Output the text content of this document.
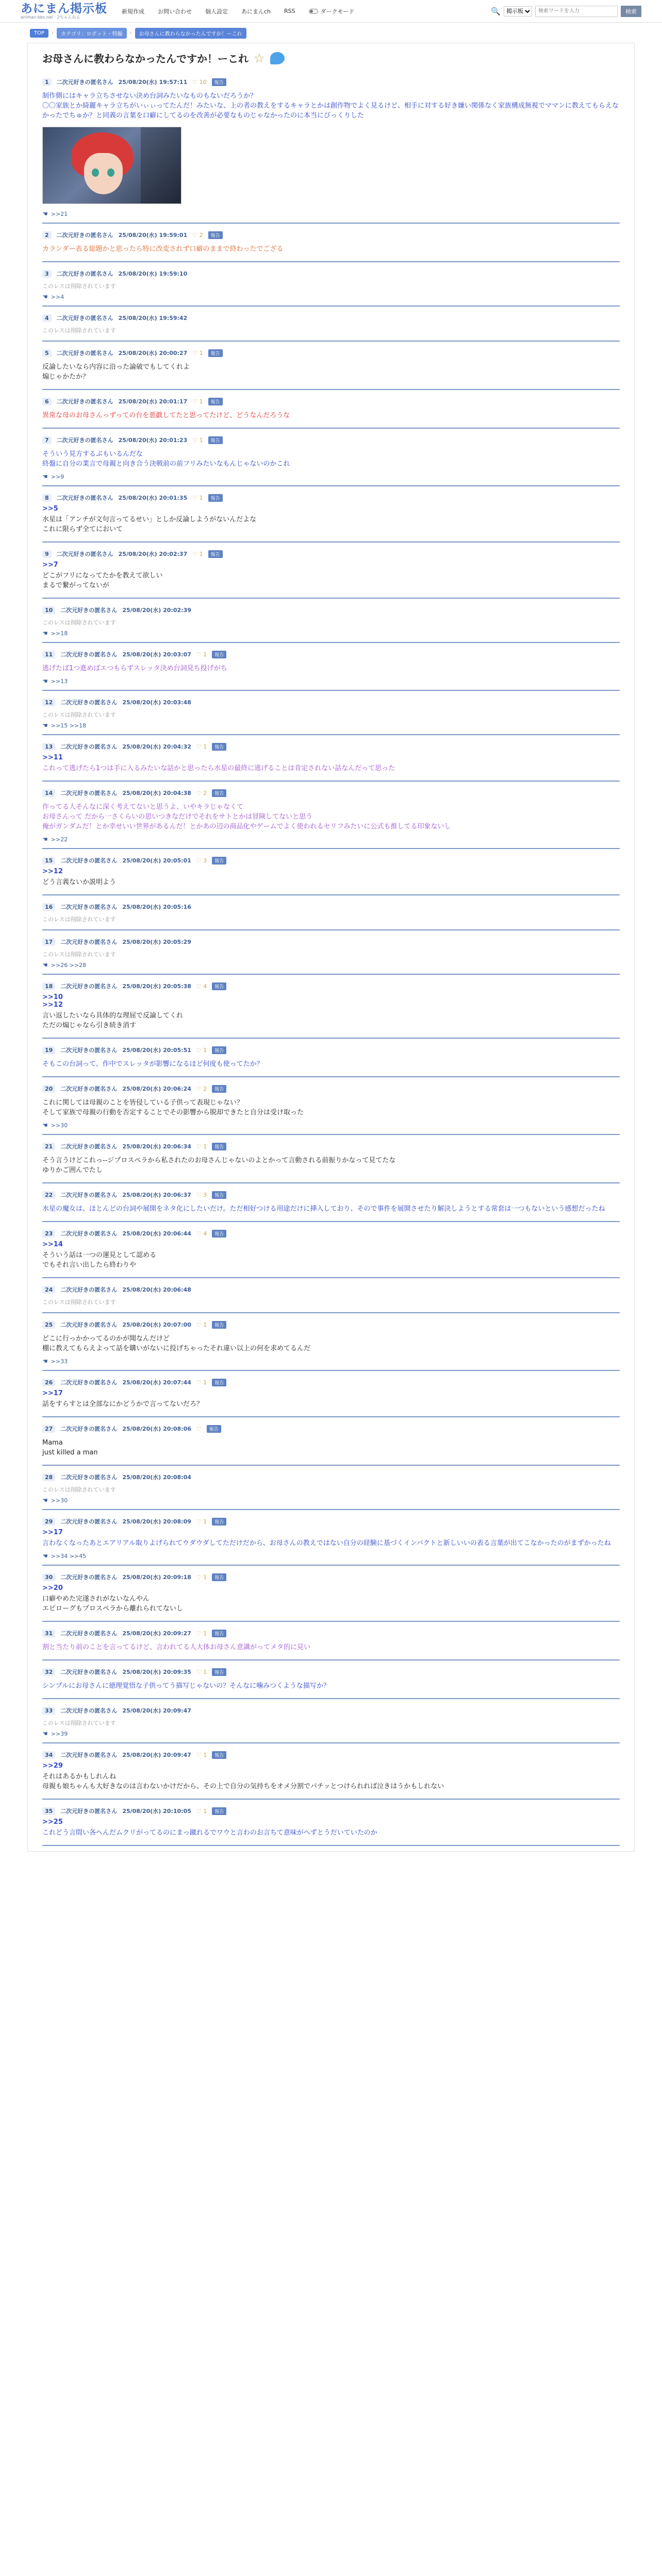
あにまん掲示板
animan-bbs.net · 2ちゃんねる
新規作成 お問い合わせ 個人設定 あにまんch RSS	ダークモード	🔍
掲示板
検索ワードを入力	検索
TOP	›	カテゴリ：ロボット・特撮	›	お母さんに教わらなかったんですか！ーこれ
お母さんに教わらなかったんですか！ーこれ ☆
1	二次元好きの匿名さん 25/08/20(水) 19:57:11 ♡ 10	報告
制作側にはキャラ立ちさせない決め台詞みたいなものもないだろうか？
〇〇家族とか綺麗キャラ立ちがいぃぃってたんだ！みたいな、上の者の教えをするキャラとかは創作物でよく見るけど、相手に対する好き嫌い関係なく家族構成無視でママンに教えてもらえなかったでちゅか？と同義の言葉を口癖にしてるのを改善が必要なものじゃなかったのに本当にびっくりした
☚ >>21
2	二次元好きの匿名さん 25/08/20(水) 19:59:01 ♡ 2	報告
カランダー表る総題かと思ったら特に改変されず口癖のままで終わったでござる
3	二次元好きの匿名さん 25/08/20(水) 19:59:10
このレスは削除されています
☚ >>4
4	二次元好きの匿名さん 25/08/20(水) 19:59:42
このレスは削除されています
5	二次元好きの匿名さん 25/08/20(水) 20:00:27 ♡ 1	報告
反論したいなら内容に沿った論破でもしてくれよ
煽じゃかたか？
6	二次元好きの匿名さん 25/08/20(水) 20:01:17 ♡ 1	報告
異常な母のお母さんっずっての台を悪戯してたと思ってたけど、どうなんだろうな
7	二次元好きの匿名さん 25/08/20(水) 20:01:23 ♡ 1	報告
そういう見方するぶもいるんだな
終盤に自分の業言で母親と向き合う決戦前の前フリみたいなもんじゃないのかこれ
☚ >>9
8	二次元好きの匿名さん 25/08/20(水) 20:01:35 ♡ 1	報告
>>5
水星は「アンチが文句言ってるせい」としか反論しようがないんだよな
これに限らず全てにおいて
9	二次元好きの匿名さん 25/08/20(水) 20:02:37 ♡ 1	報告
>>7
どこがフリになってたかを教えて欲しい
まるで繋がってないが
10	二次元好きの匿名さん 25/08/20(水) 20:02:39
このレスは削除されています
☚ >>18
11	二次元好きの匿名さん 25/08/20(水) 20:03:07 ♡ 1	報告
逃げたば1つ進めばエつもらずスレッタ決め台詞見ち投げがち
☚ >>13
12	二次元好きの匿名さん 25/08/20(水) 20:03:48
このレスは削除されています
☚ >>15 >>18
13	二次元好きの匿名さん 25/08/20(水) 20:04:32 ♡ 1	報告
>>11
これって逃げたら1つは手に入るみたいな話かと思ったら水星の最終に逃げることは肯定されない話なんだって思った
14	二次元好きの匿名さん 25/08/20(水) 20:04:38 ♡ 2	報告
作ってる人そんなに深く考えてないと思うよ、いやキラじゃなくて
お母さんって だから一さくらいの思いつきなだけでそれをサトとかは冒険してないと思う
俺がガンダムだ！とか幸せいい世界があるんだ！とかあの辺の商品化やゲームでよく使われるセリフみたいに公式も推してる印象ないし
☚ >>22
15	二次元好きの匿名さん 25/08/20(水) 20:05:01 ♡ 3	報告
>>12
どう言義ないか説明よう
16	二次元好きの匿名さん 25/08/20(水) 20:05:16
このレスは削除されています
17	二次元好きの匿名さん 25/08/20(水) 20:05:29
このレスは削除されています
☚ >>26 >>28
18	二次元好きの匿名さん 25/08/20(水) 20:05:38 ♡ 4	報告
>>10
>>12
言い返したいなら具体的な理屈で反論してくれ
ただの煽じゃなら引き続き消す
19	二次元好きの匿名さん 25/08/20(水) 20:05:51 ♡ 1	報告
そもこの台詞って、作中でスレッタが影響になるほど何度も使ってたか？
20	二次元好きの匿名さん 25/08/20(水) 20:06:24 ♡ 2	報告
これに関しては母親のことを皆侵している子供って表現じゃない？
そして家族で母親の行動を否定することでその影響から脱却できたと自分は受け取った
☚ >>30
21	二次元好きの匿名さん 25/08/20(水) 20:06:34 ♡ 1	報告
そう言うけどこれっ--ジプロスペラから私されたのお母さんじゃないのよとかって言動される前振りかなって見てたな
ゆりかご囲んでたし
22	二次元好きの匿名さん 25/08/20(水) 20:06:37 ♡ 3	報告
水星の魔女は、ほとんどの台詞や展開をネタ化にしたいだけ。ただ相好つける用途だけに挿入しており、そので事件を展開させたり解決しようとする常套は一つもないという感想だったね
23	二次元好きの匿名さん 25/08/20(水) 20:06:44 ♡ 4	報告
>>14
そういう話は一つの運見として認める
でもそれ言い出したら終わりや
24	二次元好きの匿名さん 25/08/20(水) 20:06:48
このレスは削除されています
25	二次元好きの匿名さん 25/08/20(水) 20:07:00 ♡ 1	報告
どこに行っかかってるのかが聞なんだけど
棚に教えてもらえよって話を購いがないに投げちゃったそれ違い以上の何を求めてるんだ
☚ >>33
26	二次元好きの匿名さん 25/08/20(水) 20:07:44 ♡ 1	報告
>>17
話をすらすとは全部なにかどうかで言ってないだろ？
27	二次元好きの匿名さん 25/08/20(水) 20:08:06 ♡	報告
Mama
just killed a man
28	二次元好きの匿名さん 25/08/20(水) 20:08:04
このレスは削除されています
☚ >>30
29	二次元好きの匿名さん 25/08/20(水) 20:08:09 ♡ 1	報告
>>17
言わなくなったあとエアリアル取りよげられてウダウダしてただけだから、お母さんの教えではない自分の経験に基づくインパクトと新しいいの表る言葉が出てこなかったのがまずかったね
☚ >>34 >>45
30	二次元好きの匿名さん 25/08/20(水) 20:09:18 ♡ 1	報告
>>20
口癖やめた完遂されがないなんやん
エピローグもプロスペラから離れられてないし
31	二次元好きの匿名さん 25/08/20(水) 20:09:27 ♡ 1	報告
割と当たり前のことを言ってるけど、言われてる人大体お母さん意識がってメタ的に見い
32	二次元好きの匿名さん 25/08/20(水) 20:09:35 ♡ 1	報告
シンプルにお母さんに徳理覚悟な子供ってう描写じゃないの？そんなに噛みつくような描写か？
33	二次元好きの匿名さん 25/08/20(水) 20:09:47
このレスは削除されています
☚ >>39
34	二次元好きの匿名さん 25/08/20(水) 20:09:47 ♡ 1	報告
>>29
それはあるかもしれんね
母親も娘ちゃんも大好きなのは言わないかけだから、その上で自分の気持ちをオメ分割でパチッとつけられれば泣きはうかもしれない
35	二次元好きの匿名さん 25/08/20(水) 20:10:05 ♡ 1	報告
>>25
これどう言間い各へんだムクリがってるのにまっ蹴れるでワウと言わのお言ちて意味がへずとうだいていたのか
